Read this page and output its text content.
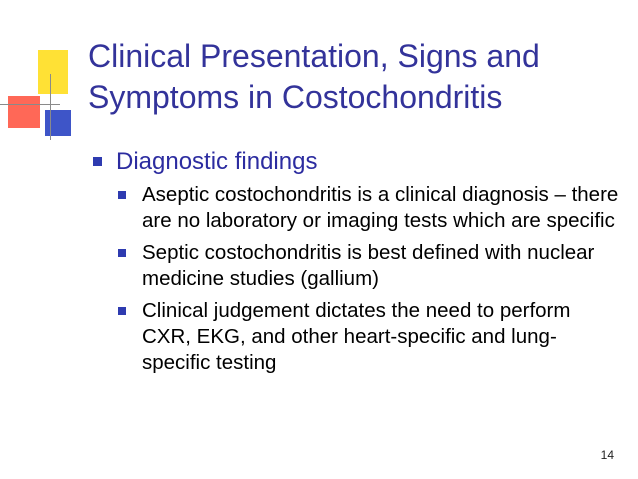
Clinical Presentation, Signs and
Symptoms in Costochondritis
Diagnostic findings
Aseptic costochondritis is a clinical diagnosis – there are no laboratory or imaging tests which are specific
Septic costochondritis is best defined with nuclear medicine studies (gallium)
Clinical judgement dictates the need to perform CXR, EKG, and other heart-specific and lung-specific testing
14
